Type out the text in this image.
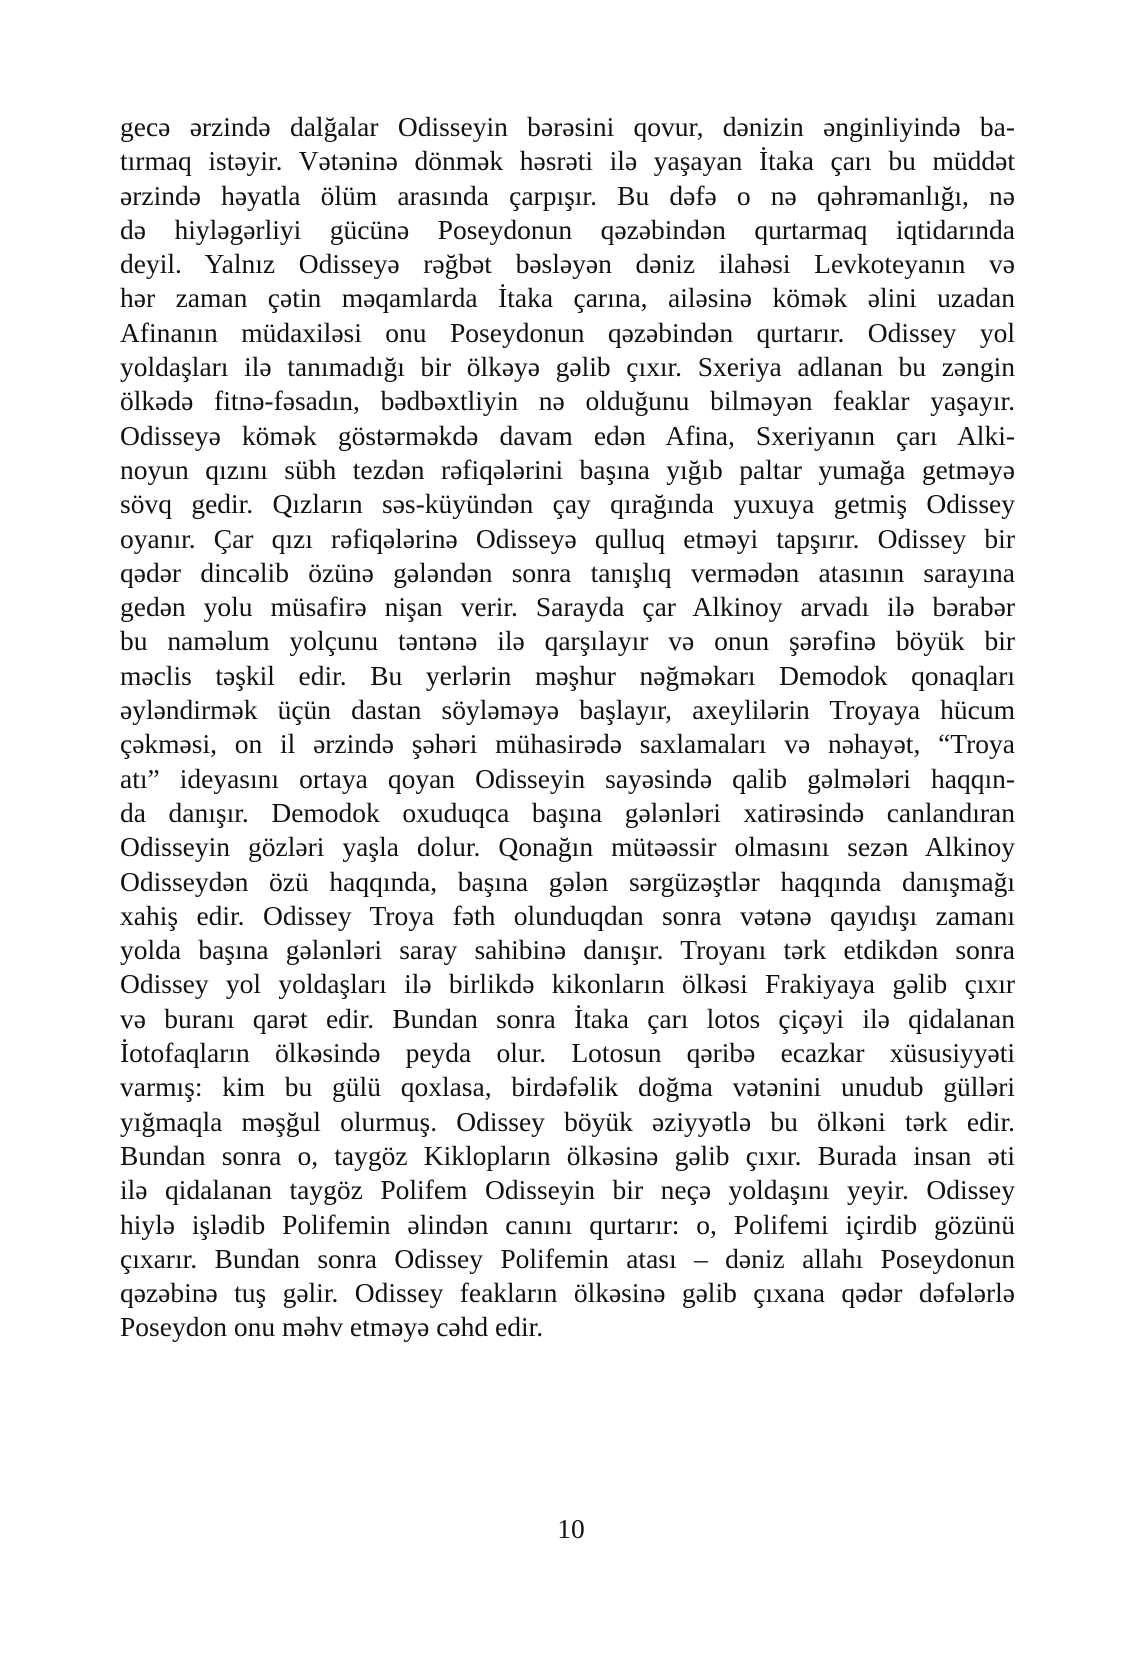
gecə ərzində dalğalar Odisseyin bərəsini qovur, dənizin ənginliyində ba-
tırmaq istəyir. Vətəninə dönmək həsrəti ilə yaşayan İtaka çarı bu müddət
ərzində həyatla ölüm arasında çarpışır. Bu dəfə o nə qəhrəmanlığı, nə
də hiyləgərliyi gücünə Poseydonun qəzəbindən qurtarmaq iqtidarında
deyil. Yalnız Odisseyə rəğbət bəsləyən dəniz ilahəsi Levkoteyanın və
hər zaman çətin məqamlarda İtaka çarına, ailəsinə kömək əlini uzadan
Afinanın müdaxiləsi onu Poseydonun qəzəbindən qurtarır. Odissey yol
yoldaşları ilə tanımadığı bir ölkəyə gəlib çıxır. Sxeriya adlanan bu zəngin
ölkədə fitnə-fəsadın, bədbəxtliyin nə olduğunu bilməyən feaklar yaşayır.
Odisseyə kömək göstərməkdə davam edən Afina, Sxeriyanın çarı Alki-
noyun qızını sübh tezdən rəfiqələrini başına yığıb paltar yumağa getməyə
sövq gedir. Qızların səs-küyündən çay qırağında yuxuya getmiş Odissey
oyanır. Çar qızı rəfiqələrinə Odisseyə qulluq etməyi tapşırır. Odissey bir
qədər dincəlib özünə gələndən sonra tanışlıq vermədən atasının sarayına
gedən yolu müsafirə nişan verir. Sarayda çar Alkinoy arvadı ilə bərabər
bu naməlum yolçunu təntənə ilə qarşılayır və onun şərəfinə böyük bir
məclis təşkil edir. Bu yerlərin məşhur nəğməkarı Demodok qonaqları
əyləndirmək üçün dastan söyləməyə başlayır, axeylilərin Troyaya hücum
çəkməsi, on il ərzində şəhəri mühasirədə saxlamaları və nəhayət, “Troya
atı” ideyasını ortaya qoyan Odisseyin sayəsində qalib gəlmələri haqqın-
da danışır. Demodok oxuduqca başına gələnləri xatirəsində canlandıran
Odisseyin gözləri yaşla dolur. Qonağın mütəəssir olmasını sezən Alkinoy
Odisseydən özü haqqında, başına gələn sərgüzəştlər haqqında danışmağı
xahiş edir. Odissey Troya fəth olunduqdan sonra vətənə qayıdışı zamanı
yolda başına gələnləri saray sahibinə danışır. Troyanı tərk etdikdən sonra
Odissey yol yoldaşları ilə birlikdə kikonların ölkəsi Frakiyaya gəlib çıxır
və buranı qarət edir. Bundan sonra İtaka çarı lotos çiçəyi ilə qidalanan
İotofaqların ölkəsində peyda olur. Lotosun qəribə ecazkar xüsusiyyəti
varmış: kim bu gülü qoxlasa, birdəfəlik doğma vətənini unudub gülləri
yığmaqla məşğul olurmuş. Odissey böyük əziyyətlə bu ölkəni tərk edir.
Bundan sonra o, taygöz Kiklopların ölkəsinə gəlib çıxır. Burada insan əti
ilə qidalanan taygöz Polifem Odisseyin bir neçə yoldaşını yeyir. Odissey
hiylə işlədib Polifemin əlindən canını qurtarır: o, Polifemi içirdib gözünü
çıxarır. Bundan sonra Odissey Polifemin atası – dəniz allahı Poseydonun
qəzəbinə tuş gəlir. Odissey feakların ölkəsinə gəlib çıxana qədər dəfələrlə
Poseydon onu məhv etməyə cəhd edir.
10
